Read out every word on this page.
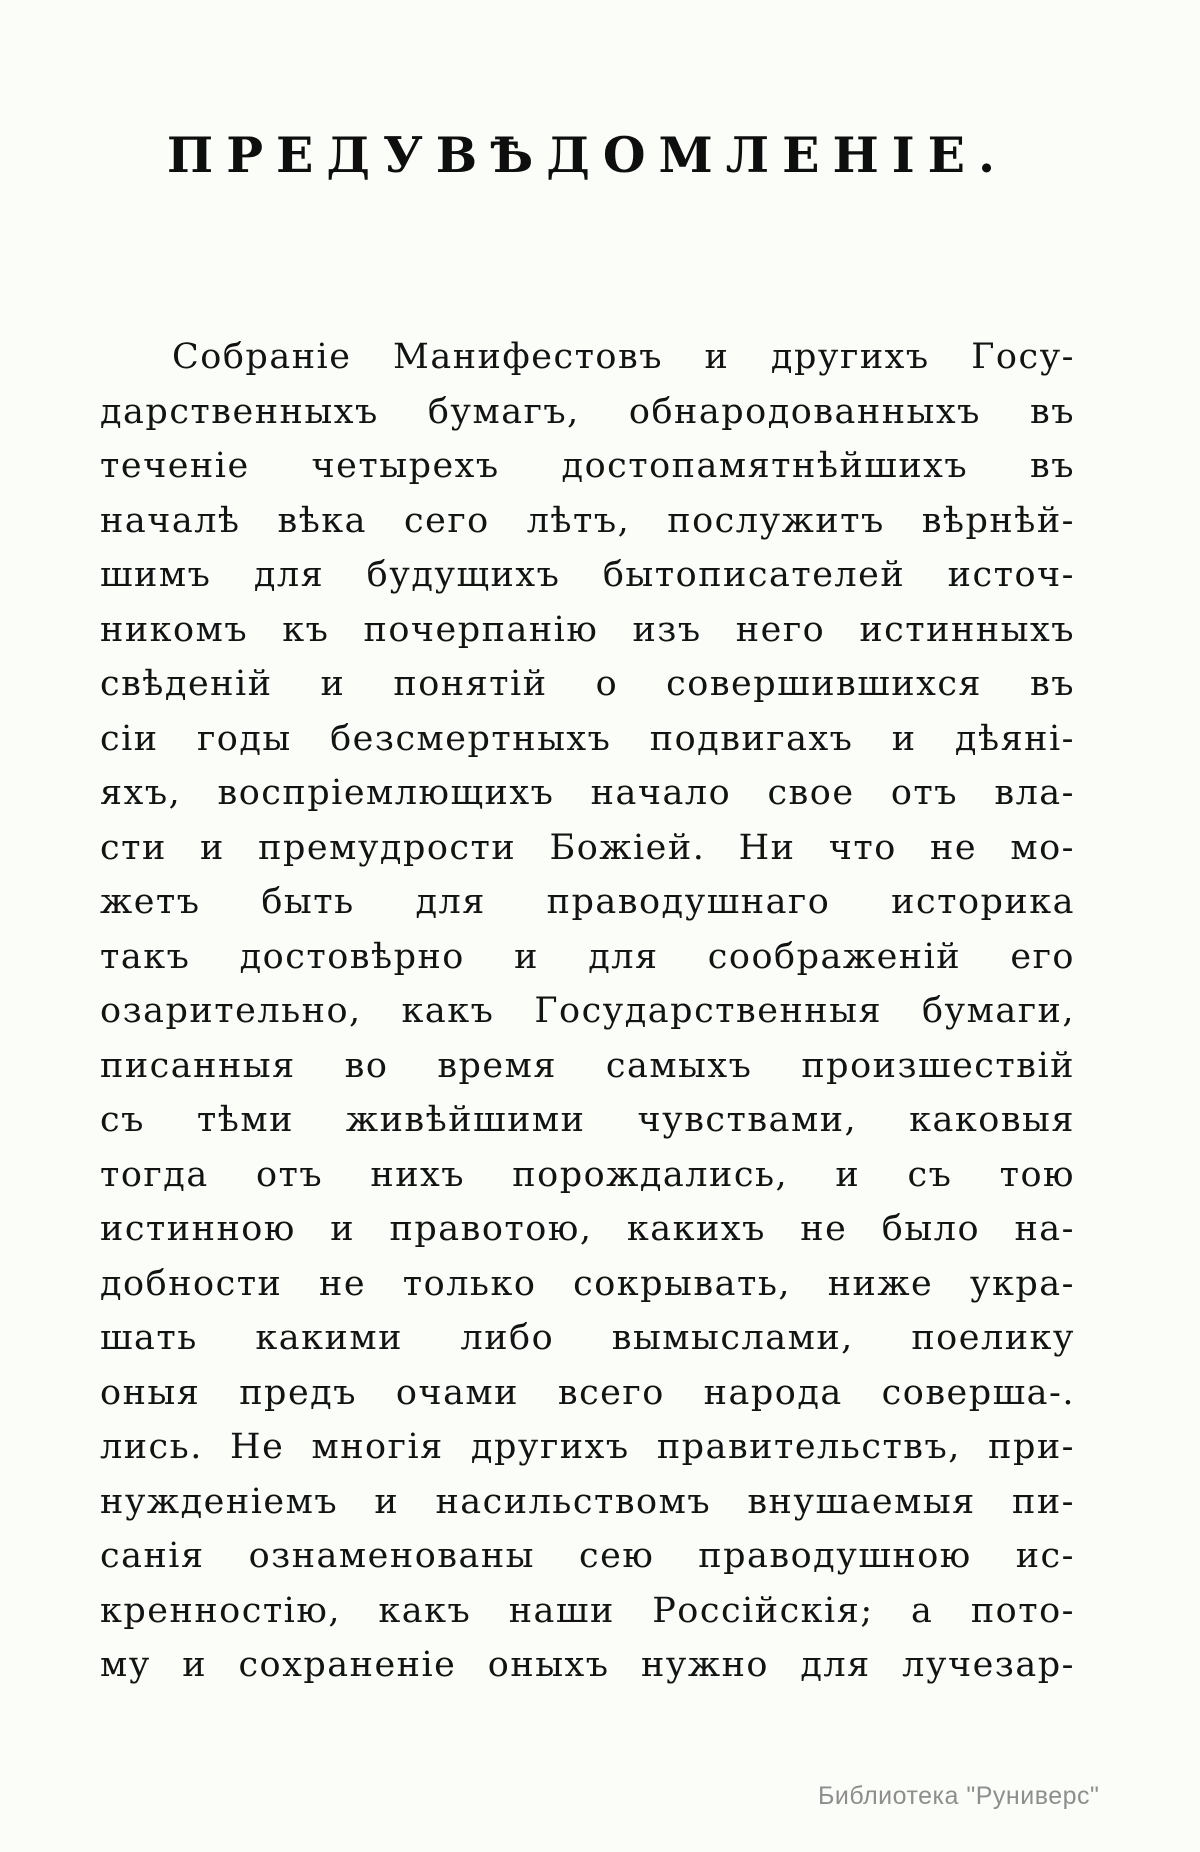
ПРЕДУВѢДОМЛЕНІЕ.
Собраніе Манифестовъ и другихъ Госу-
дарственныхъ бумагъ, обнародованныхъ въ
теченіе четырехъ достопамятнѣйшихъ въ
началѣ вѣка сего лѣтъ, послужитъ вѣрнѣй-
шимъ для будущихъ бытописателей источ-
никомъ къ почерпанію изъ него истинныхъ
свѣденій и понятій о совершившихся въ
сіи годы безсмертныхъ подвигахъ и дѣяні-
яхъ, воспріемлющихъ начало свое отъ вла-
сти и премудрости Божіей. Ни что не мо-
жетъ быть для праводушнаго историка
такъ достовѣрно и для соображеній его
озарительно, какъ Государственныя бумаги,
писанныя во время самыхъ произшествій
съ тѣми живѣйшими чувствами, каковыя
тогда отъ нихъ порождались, и съ тою
истинною и правотою, какихъ не было на-
добности не только сокрывать, ниже укра-
шать какими либо вымыслами, поелику
оныя предъ очами всего народа соверша-.
лись. Не многія другихъ правительствъ, при-
нужденіемъ и насильствомъ внушаемыя пи-
санія ознаменованы сею праводушною ис-
кренностію, какъ наши Россійскія; а пото-
му и сохраненіе оныхъ нужно для лучезар-
Библиотека "Руниверс"
